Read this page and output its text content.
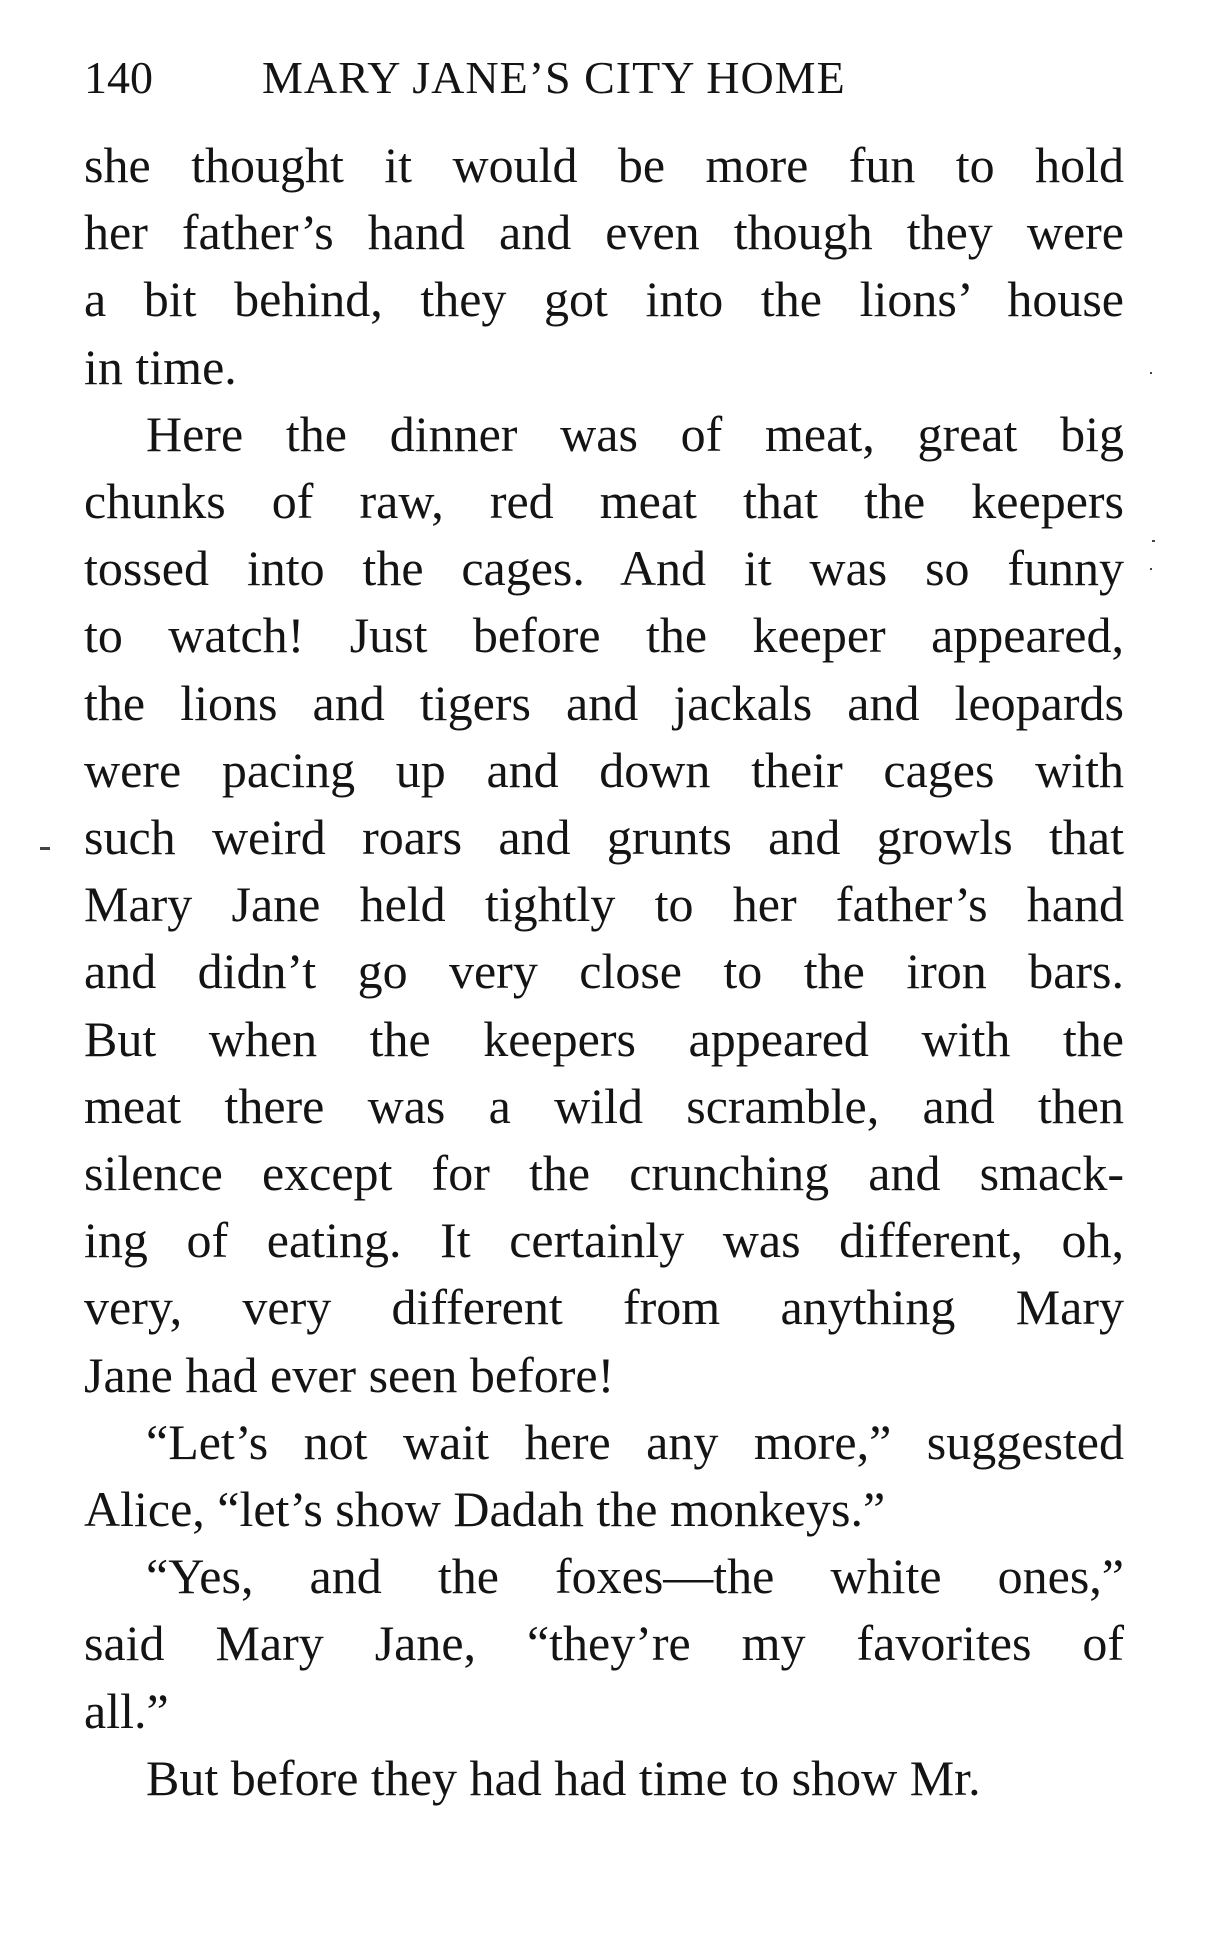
140 MARY JANE’S CITY HOME
she thought it would be more fun to hold
her father’s hand and even though they were
a bit behind, they got into the lions’ house
in time.
Here the dinner was of meat, great big
chunks of raw, red meat that the keepers
tossed into the cages. And it was so funny
to watch! Just before the keeper appeared,
the lions and tigers and jackals and leopards
were pacing up and down their cages with
such weird roars and grunts and growls that
Mary Jane held tightly to her father’s hand
and didn’t go very close to the iron bars.
But when the keepers appeared with the
meat there was a wild scramble, and then
silence except for the crunching and smack-
ing of eating. It certainly was different, oh,
very, very different from anything Mary
Jane had ever seen before!
“Let’s not wait here any more,” suggested
Alice, “let’s show Dadah the monkeys.”
“Yes, and the foxes—the white ones,”
said Mary Jane, “they’re my favorites of
all.”
But before they had had time to show Mr.
